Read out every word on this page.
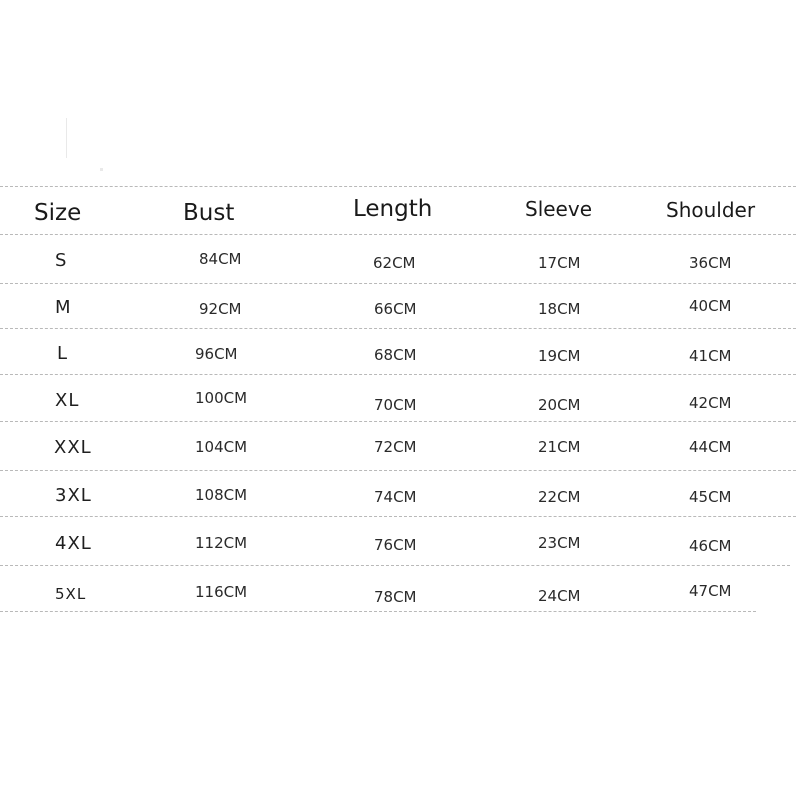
Size	Bust	Length	Sleeve	Shoulder
S	84CM	62CM	17CM	36CM
M	92CM	66CM	18CM	40CM
L	96CM	68CM	19CM	41CM
XL	100CM	70CM	20CM	42CM
XXL	104CM	72CM	21CM	44CM
3XL	108CM	74CM	22CM	45CM
4XL	112CM	76CM	23CM	46CM
5XL	116CM	78CM	24CM	47CM
